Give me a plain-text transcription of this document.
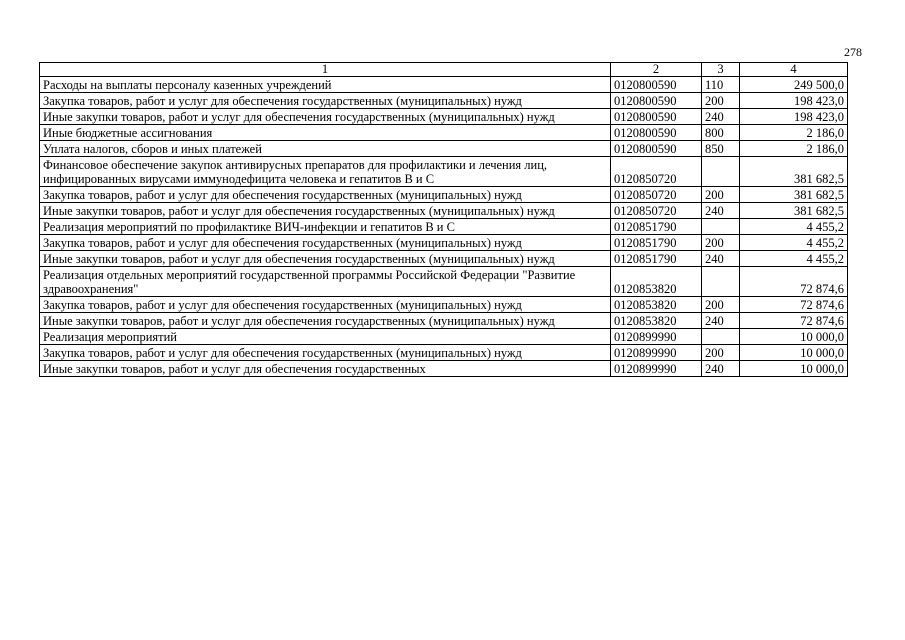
278
1	2	3	4
Расходы на выплаты персоналу казенных учреждений	0120800590	110	249 500,0
Закупка товаров, работ и услуг для обеспечения государственных (муниципальных) нужд	0120800590	200	198 423,0
Иные закупки товаров, работ и услуг для обеспечения государственных (муниципальных) нужд	0120800590	240	198 423,0
Иные бюджетные ассигнования	0120800590	800	2 186,0
Уплата налогов, сборов и иных платежей	0120800590	850	2 186,0
Финансовое обеспечение закупок антивирусных препаратов для профилактики и лечения лиц, инфицированных вирусами иммунодефицита человека и гепатитов В и С	0120850720		381 682,5
Закупка товаров, работ и услуг для обеспечения государственных (муниципальных) нужд	0120850720	200	381 682,5
Иные закупки товаров, работ и услуг для обеспечения государственных (муниципальных) нужд	0120850720	240	381 682,5
Реализация мероприятий по профилактике ВИЧ-инфекции и гепатитов В и С	0120851790		4 455,2
Закупка товаров, работ и услуг для обеспечения государственных (муниципальных) нужд	0120851790	200	4 455,2
Иные закупки товаров, работ и услуг для обеспечения государственных (муниципальных) нужд	0120851790	240	4 455,2
Реализация отдельных мероприятий государственной программы Российской Федерации "Развитие здравоохранения"	0120853820		72 874,6
Закупка товаров, работ и услуг для обеспечения государственных (муниципальных) нужд	0120853820	200	72 874,6
Иные закупки товаров, работ и услуг для обеспечения государственных (муниципальных) нужд	0120853820	240	72 874,6
Реализация мероприятий	0120899990		10 000,0
Закупка товаров, работ и услуг для обеспечения государственных (муниципальных) нужд	0120899990	200	10 000,0
Иные закупки товаров, работ и услуг для обеспечения государственных	0120899990	240	10 000,0
